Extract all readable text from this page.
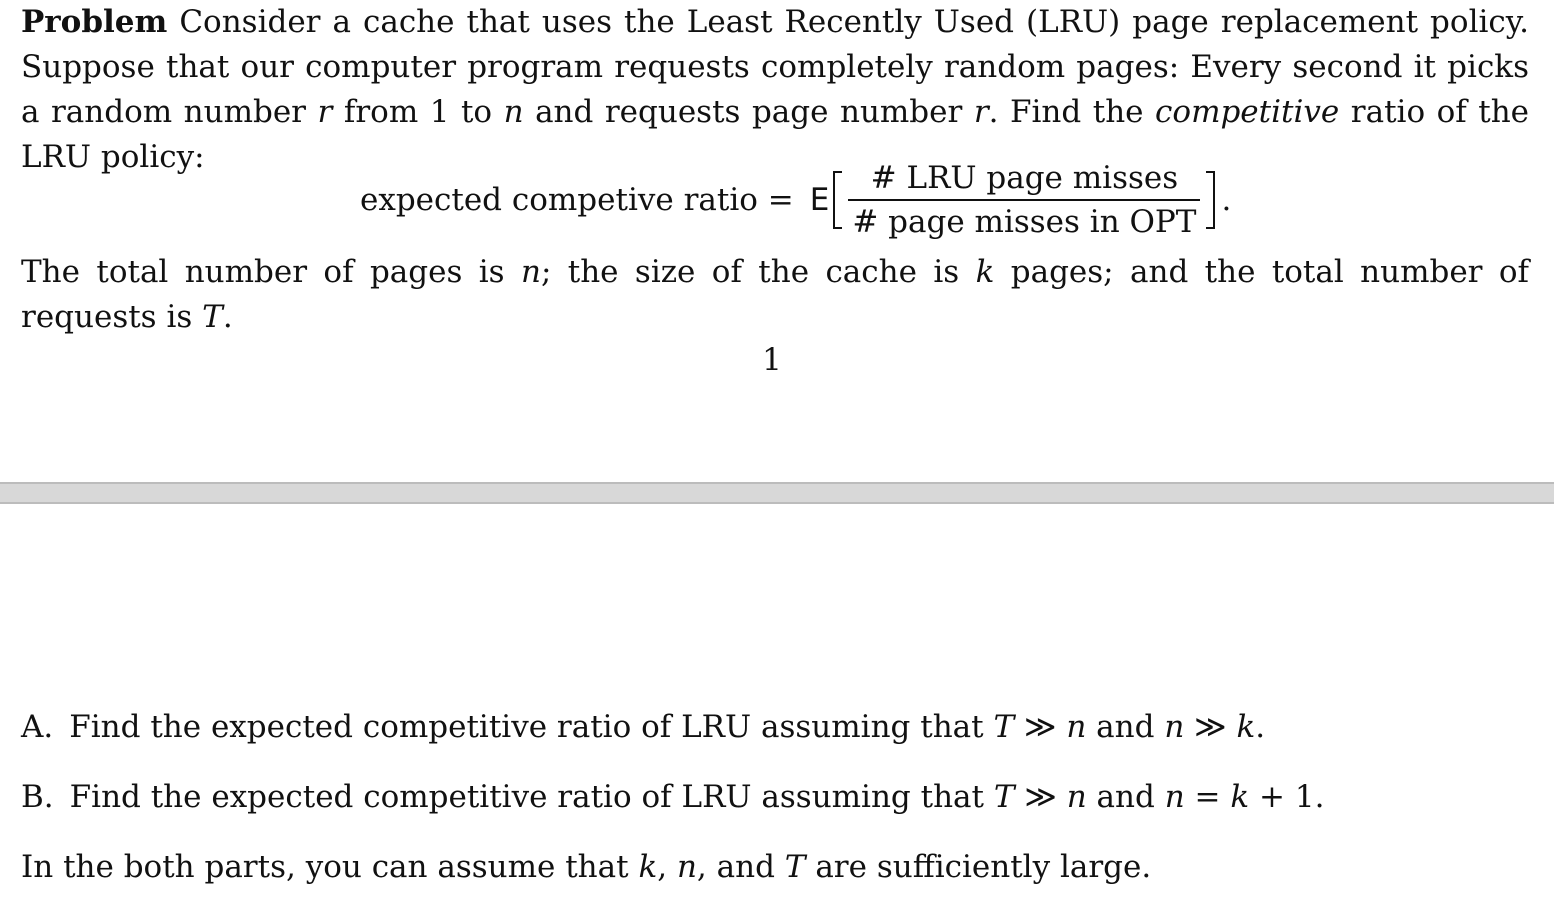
Problem Consider a cache that uses the Least Recently Used (LRU) page replacement policy. Suppose that our computer program requests completely random pages: Every second it picks a random number r from 1 to n and requests page number r. Find the competitive ratio of the LRU policy:

expected competive ratio = E $\frac{\text{\# LRU page misses}}{\text{\# page misses in OPT}}$ .

The total number of pages is n; the size of the cache is k pages; and the total number of requests is T.

1
A. Find the expected competitive ratio of LRU assuming that T ≫ n and n ≫ k.
B. Find the expected competitive ratio of LRU assuming that T ≫ n and n = k + 1.
In the both parts, you can assume that k, n, and T are sufficiently large.
